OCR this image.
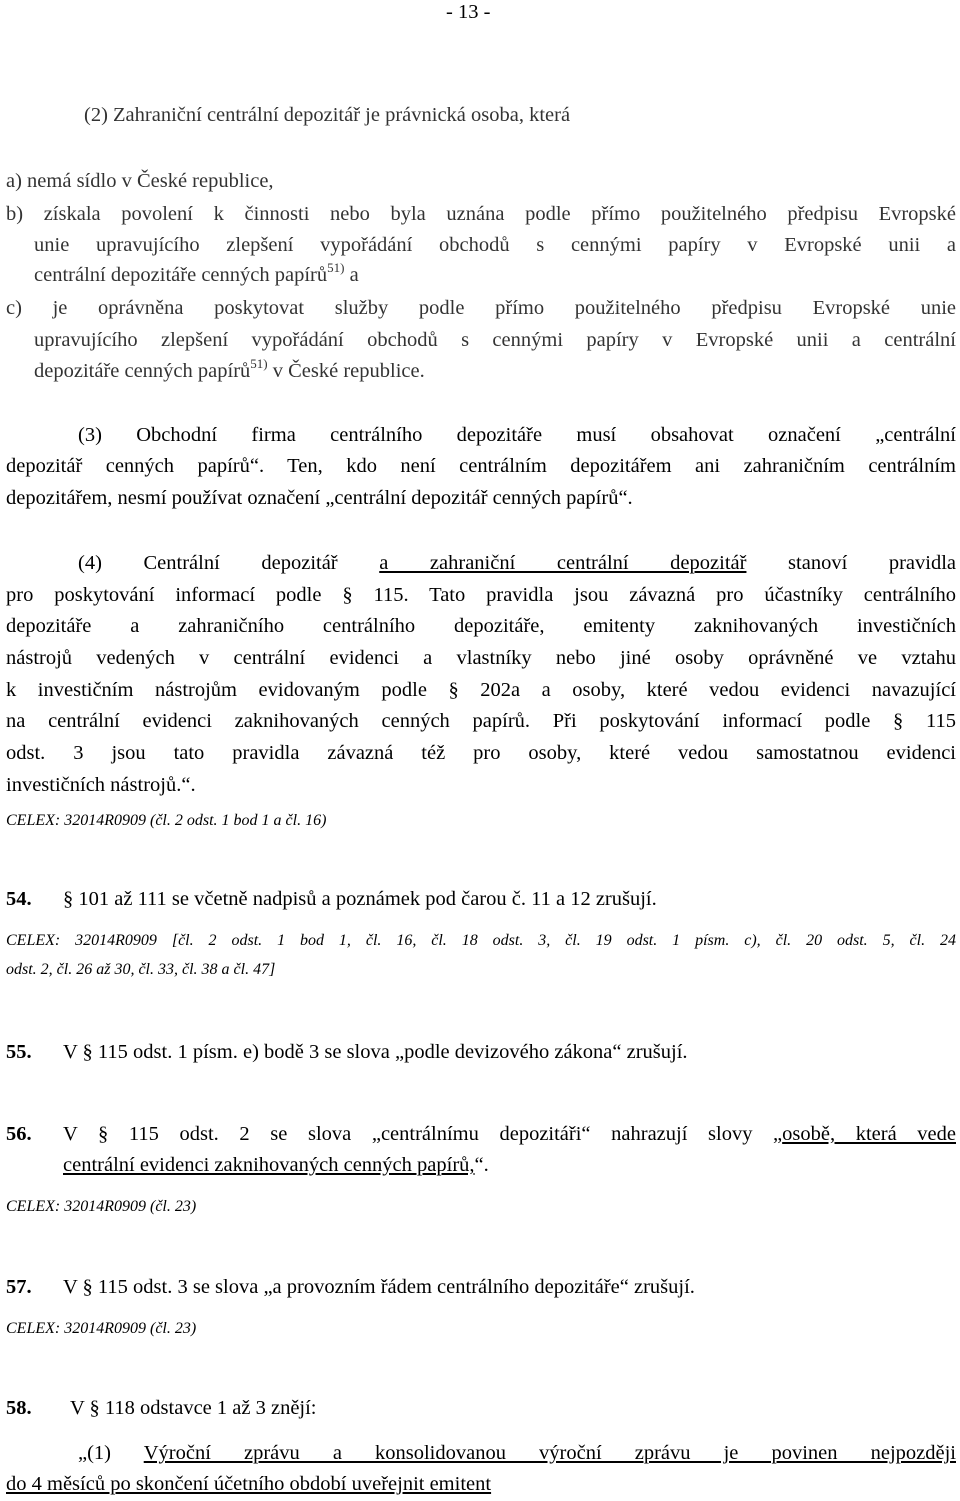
- 13 -
(2) Zahraniční centrální depozitář je právnická osoba, která
a) nemá sídlo v České republice,
b) získala povolení k činnosti nebo byla uznána podle přímo použitelného předpisu Evropské
unie upravujícího zlepšení vypořádání obchodů s cennými papíry v Evropské unii a
centrální depozitáře cenných papírů$^{51)}$ a
c) je oprávněna poskytovat služby podle přímo použitelného předpisu Evropské unie
upravujícího zlepšení vypořádání obchodů s cennými papíry v Evropské unii a centrální
depozitáře cenných papírů$^{51)}$ v České republice.
(3) Obchodní firma centrálního depozitáře musí obsahovat označení „centrální
depozitář cenných papírů“. Ten, kdo není centrálním depozitářem ani zahraničním centrálním
depozitářem, nesmí používat označení „centrální depozitář cenných papírů“.
(4) Centrální depozitář a zahraniční centrální depozitář stanoví pravidla
pro poskytování informací podle § 115. Tato pravidla jsou závazná pro účastníky centrálního
depozitáře a zahraničního centrálního depozitáře, emitenty zaknihovaných investičních
nástrojů vedených v centrální evidenci a vlastníky nebo jiné osoby oprávněné ve vztahu
k investičním nástrojům evidovaným podle § 202a a osoby, které vedou evidenci navazující
na centrální evidenci zaknihovaných cenných papírů. Při poskytování informací podle § 115
odst. 3 jsou tato pravidla závazná též pro osoby, které vedou samostatnou evidenci
investičních nástrojů.“.
CELEX: 32014R0909 (čl. 2 odst. 1 bod 1 a čl. 16)
54. § 101 až 111 se včetně nadpisů a poznámek pod čarou č. 11 a 12 zrušují.
CELEX: 32014R0909 [čl. 2 odst. 1 bod 1, čl. 16, čl. 18 odst. 3, čl. 19 odst. 1 písm. c), čl. 20 odst. 5, čl. 24
odst. 2, čl. 26 až 30, čl. 33, čl. 38 a čl. 47]
55. V § 115 odst. 1 písm. e) bodě 3 se slova „podle devizového zákona“ zrušují.
56. V § 115 odst. 2 se slova „centrálnímu depozitáři“ nahrazují slovy „osobě, která vede
centrální evidenci zaknihovaných cenných papírů,“.
CELEX: 32014R0909 (čl. 23)
57. V § 115 odst. 3 se slova „a provozním řádem centrálního depozitáře“ zrušují.
CELEX: 32014R0909 (čl. 23)
58. V § 118 odstavce 1 až 3 znějí:
„(1) Výroční zprávu a konsolidovanou výroční zprávu je povinen nejpozději
do 4 měsíců po skončení účetního období uveřejnit emitent
